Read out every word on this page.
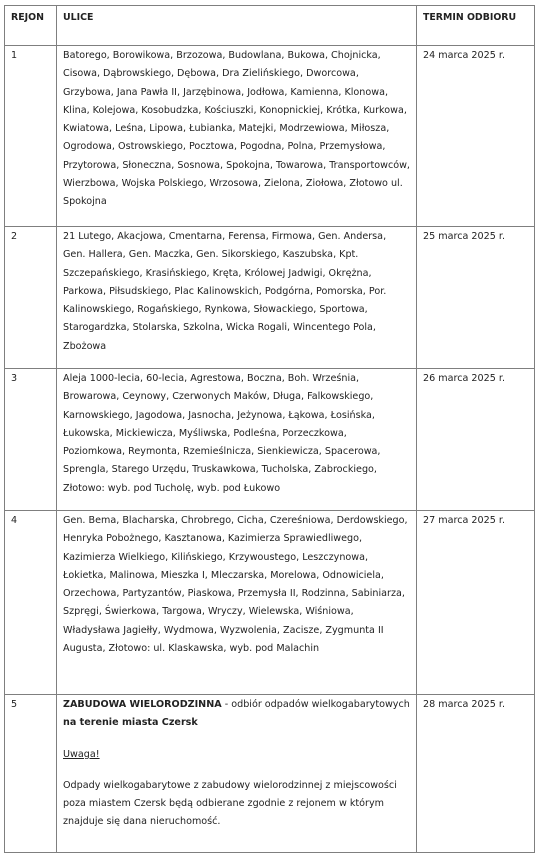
REJON	ULICE	TERMIN ODBIORU
1	Batorego, Borowikowa, Brzozowa, Budowlana, Bukowa, Chojnicka, Cisowa, Dąbrowskiego, Dębowa, Dra Zielińskiego, Dworcowa, Grzybowa, Jana Pawła II, Jarzębinowa, Jodłowa, Kamienna, Klonowa, Klina, Kolejowa, Kosobudzka, Kościuszki, Konopnickiej, Krótka, Kurkowa, Kwiatowa, Leśna, Lipowa, Łubianka, Matejki, Modrzewiowa, Miłosza, Ogrodowa, Ostrowskiego, Pocztowa, Pogodna, Polna, Przemysłowa, Przytorowa, Słoneczna, Sosnowa, Spokojna, Towarowa, Transportowców, Wierzbowa, Wojska Polskiego, Wrzosowa, Zielona, Ziołowa, Złotowo ul. Spokojna	24 marca 2025 r.
2	21 Lutego, Akacjowa, Cmentarna, Ferensa, Firmowa, Gen. Andersa, Gen. Hallera, Gen. Maczka, Gen. Sikorskiego, Kaszubska, Kpt. Szczepańskiego, Krasińskiego, Kręta, Królowej Jadwigi, Okrężna, Parkowa, Piłsudskiego, Plac Kalinowskich, Podgórna, Pomorska, Por. Kalinowskiego, Rogańskiego, Rynkowa, Słowackiego, Sportowa, Starogardzka, Stolarska, Szkolna, Wicka Rogali, Wincentego Pola, Zbożowa	25 marca 2025 r.
3	Aleja 1000-lecia, 60-lecia, Agrestowa, Boczna, Boh. Września, Browarowa, Ceynowy, Czerwonych Maków, Długa, Falkowskiego, Karnowskiego, Jagodowa, Jasnocha, Jeżynowa, Łąkowa, Łosińska, Łukowska, Mickiewicza, Myśliwska, Podleśna, Porzeczkowa, Poziomkowa, Reymonta, Rzemieślnicza, Sienkiewicza, Spacerowa, Sprengla, Starego Urzędu, Truskawkowa, Tucholska, Zabrockiego, Złotowo: wyb. pod Tucholę, wyb. pod Łukowo	26 marca 2025 r.
4	Gen. Bema, Blacharska, Chrobrego, Cicha, Czereśniowa, Derdowskiego, Henryka Pobożnego, Kasztanowa, Kazimierza Sprawiedliwego, Kazimierza Wielkiego, Kilińskiego, Krzywoustego, Leszczynowa, Łokietka, Malinowa, Mieszka I, Mleczarska, Morelowa, Odnowiciela, Orzechowa, Partyzantów, Piaskowa, Przemysła II, Rodzinna, Sabiniarza, Szpręgi, Świerkowa, Targowa, Wryczy, Wielewska, Wiśniowa, Władysława Jagiełły, Wydmowa, Wyzwolenia, Zacisze, Zygmunta II Augusta, Złotowo: ul. Klaskawska, wyb. pod Malachin	27 marca 2025 r.
5	ZABUDOWA WIELORODZINNA - odbiór odpadów wielkogabarytowych na terenie miasta Czersk
Uwaga!
Odpady wielkogabarytowe z zabudowy wielorodzinnej z miejscowości poza miastem Czersk będą odbierane zgodnie z rejonem w którym znajduje się dana nieruchomość.	28 marca 2025 r.
